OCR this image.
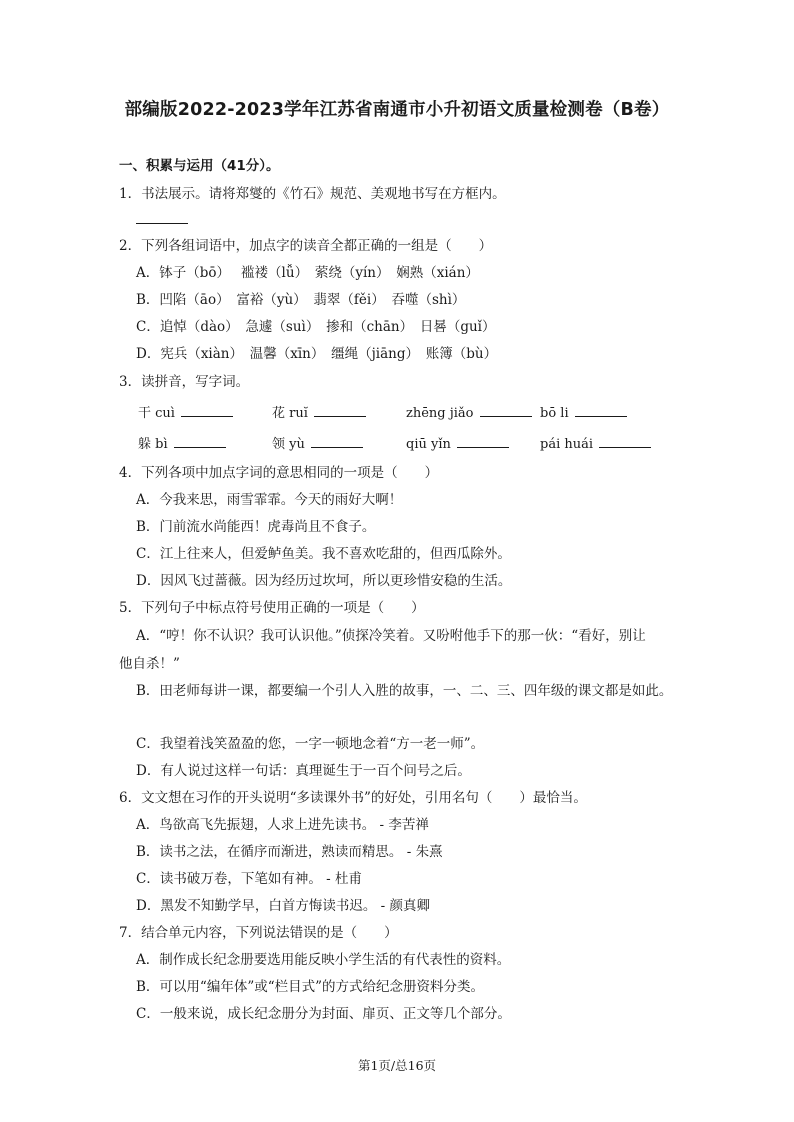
部编版2022-2023学年江苏省南通市小升初语文质量检测卷（B卷）
一、积累与运用（41分）。
1．书法展示。请将郑燮的《竹石》规范、美观地书写在方框内。
2．下列各组词语中，加点字的读音全都正确的一组是（　　）
A．钵子（bō）　 褴褛（lǚ）　萦绕（yín）　娴熟（xián）
B．凹陷（āo）　富裕（yù）　翡翠（fěi）　吞噬（shì）
C．追悼（dào）　急遽（suì）　掺和（chān）　日晷（guǐ）
D．宪兵（xiàn）　温馨（xīn）　缰绳（jiāng）　账簿（bù）
3．读拼音，写字词。
干 cuì	花 ruĭ	zhēng jiǎo	bō li
躲 bì	领 yù	qiū yǐn	pái huái
4．下列各项中加点字词的意思相同的一项是（　　）
A．今我来思，雨雪霏霏。今天的雨好大啊！
B．门前流水尚能西！虎毒尚且不食子。
C．江上往来人，但爱鲈鱼美。我不喜欢吃甜的，但西瓜除外。
D．因风飞过蔷薇。因为经历过坎坷，所以更珍惜安稳的生活。
5．下列句子中标点符号使用正确的一项是（　　）
A．“哼！你不认识？我可认识他。”侦探冷笑着。又吩咐他手下的那一伙：“看好，别让
他自杀！”
B．田老师每讲一课，都要编一个引人入胜的故事，一、二、三、四年级的课文都是如此。
C．我望着浅笑盈盈的您，一字一顿地念着“方一老一师”。
D．有人说过这样一句话：真理诞生于一百个问号之后。
6．文文想在习作的开头说明“多读课外书”的好处，引用名句（　　）最恰当。
A．鸟欲高飞先振翅，人求上进先读书。 - 李苦禅
B．读书之法，在循序而渐进，熟读而精思。 - 朱熹
C．读书破万卷，下笔如有神。 - 杜甫
D．黑发不知勤学早，白首方悔读书迟。 - 颜真卿
7．结合单元内容，下列说法错误的是（　　）
A．制作成长纪念册要选用能反映小学生活的有代表性的资料。
B．可以用“编年体”或“栏目式”的方式给纪念册资料分类。
C．一般来说，成长纪念册分为封面、扉页、正文等几个部分。
第1页/总16页
